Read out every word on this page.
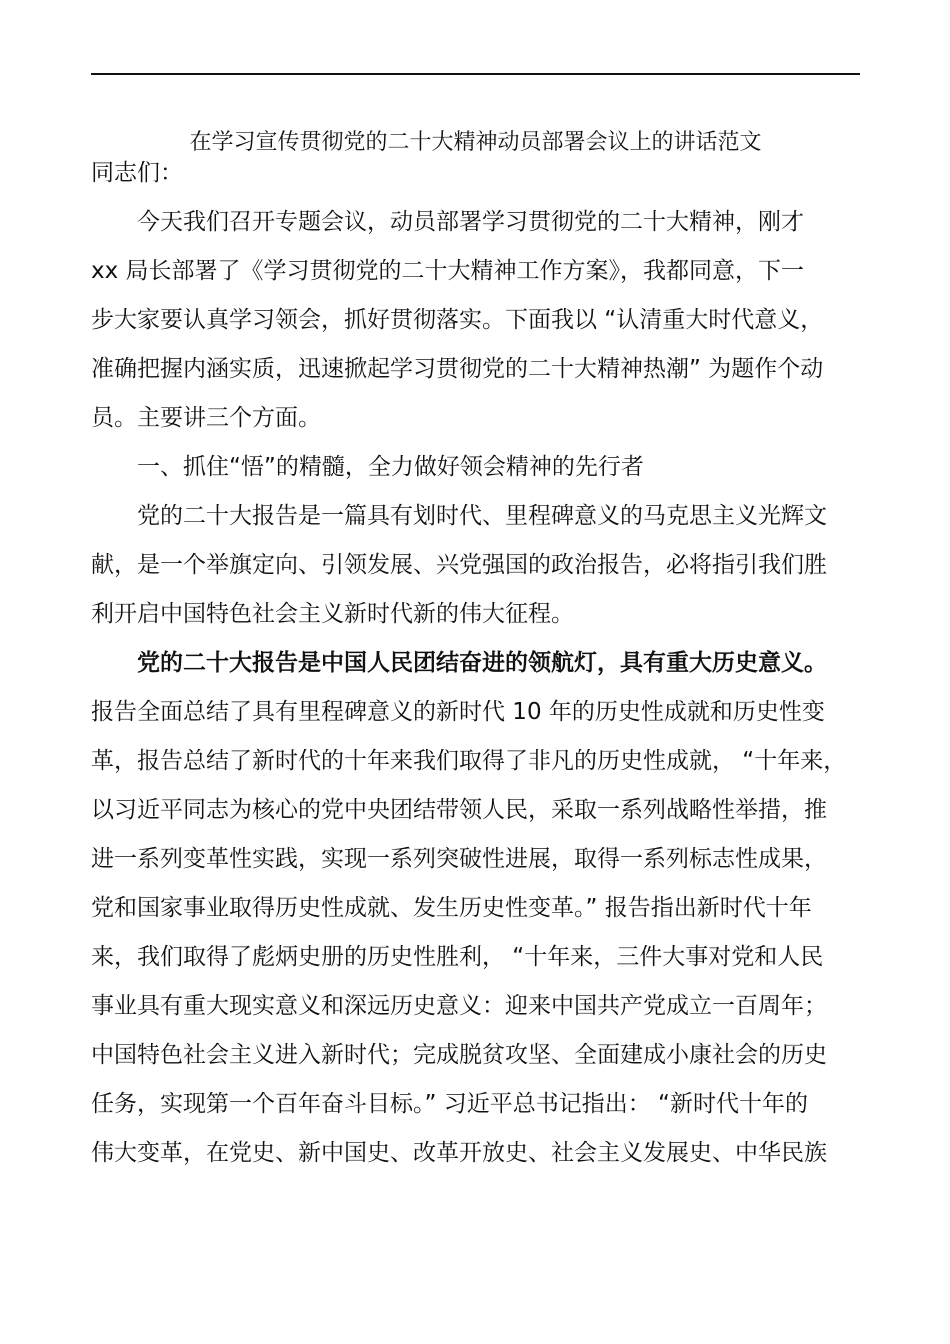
在学习宣传贯彻党的二十大精神动员部署会议上的讲话范文
同志们：
今天我们召开专题会议，动员部署学习贯彻党的二十大精神，刚才
xx 局长部署了《学习贯彻党的二十大精神工作方案》，我都同意，下一
步大家要认真学习领会，抓好贯彻落实。下面我以 “认清重大时代意义，
准确把握内涵实质，迅速掀起学习贯彻党的二十大精神热潮” 为题作个动
员。主要讲三个方面。
一、抓住“悟”的精髓，全力做好领会精神的先行者
党的二十大报告是一篇具有划时代、里程碑意义的马克思主义光辉文
献，是一个举旗定向、引领发展、兴党强国的政治报告，必将指引我们胜
利开启中国特色社会主义新时代新的伟大征程。
党的二十大报告是中国人民团结奋进的领航灯，具有重大历史意义。
报告全面总结了具有里程碑意义的新时代 10 年的历史性成就和历史性变
革，报告总结了新时代的十年来我们取得了非凡的历史性成就， “十年来，
以习近平同志为核心的党中央团结带领人民，采取一系列战略性举措，推
进一系列变革性实践，实现一系列突破性进展，取得一系列标志性成果，
党和国家事业取得历史性成就、发生历史性变革。” 报告指出新时代十年
来，我们取得了彪炳史册的历史性胜利， “十年来，三件大事对党和人民
事业具有重大现实意义和深远历史意义：迎来中国共产党成立一百周年；
中国特色社会主义进入新时代；完成脱贫攻坚、全面建成小康社会的历史
任务，实现第一个百年奋斗目标。” 习近平总书记指出： “新时代十年的
伟大变革，在党史、新中国史、改革开放史、社会主义发展史、中华民族
